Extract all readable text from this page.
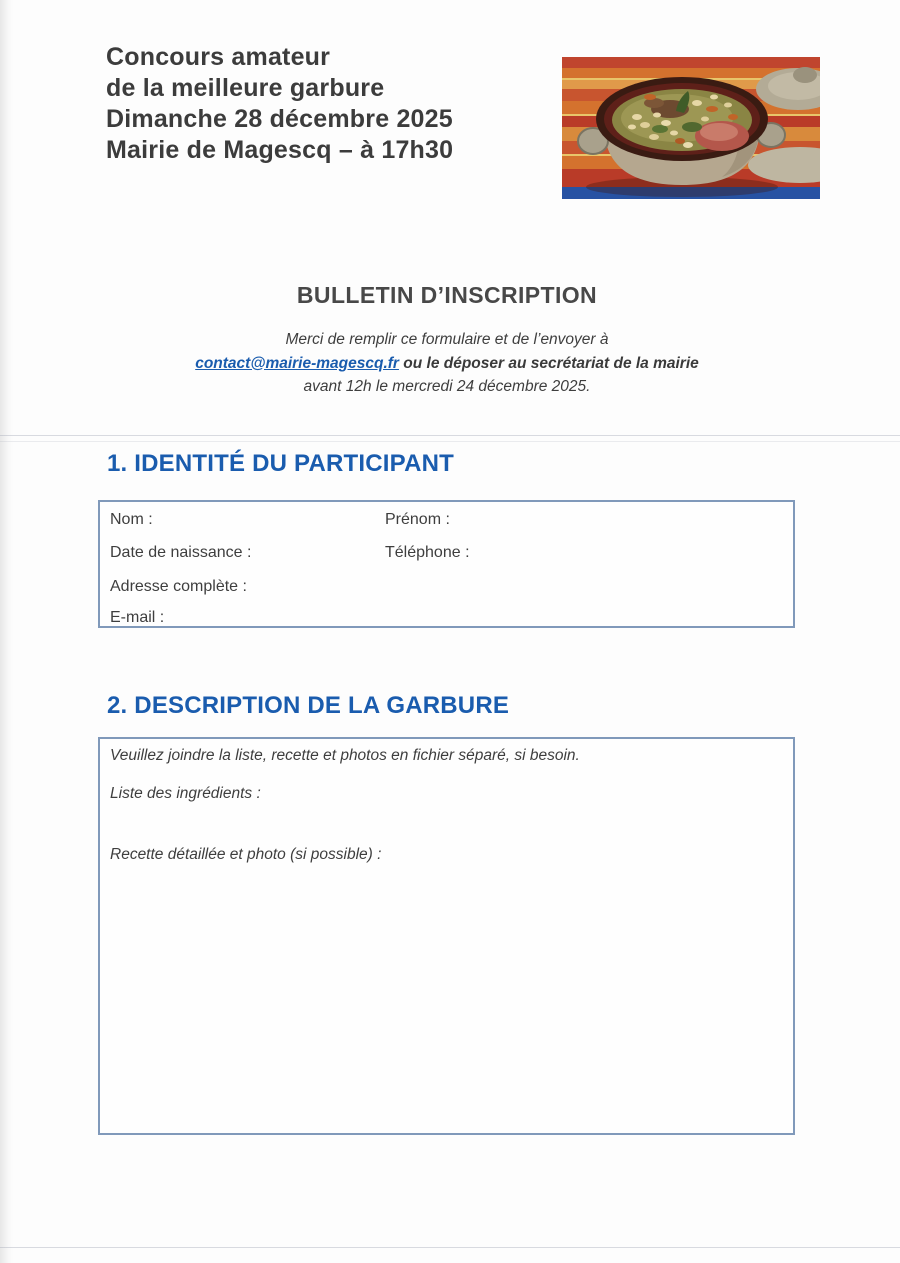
Concours amateur
de la meilleure garbure
Dimanche 28 décembre 2025
Mairie de Magescq – à 17h30
BULLETIN D’INSCRIPTION
Merci de remplir ce formulaire et de l’envoyer à
contact@mairie-magescq.fr ou le déposer au secrétariat de la mairie
avant 12h le mercredi 24 décembre 2025.
1. IDENTITÉ DU PARTICIPANT
Nom :	Prénom :
Date de naissance :	Téléphone :
Adresse complète :
E-mail :
2. DESCRIPTION DE LA GARBURE
Veuillez joindre la liste, recette et photos en fichier séparé, si besoin.
Liste des ingrédients :
Recette détaillée et photo (si possible) :
